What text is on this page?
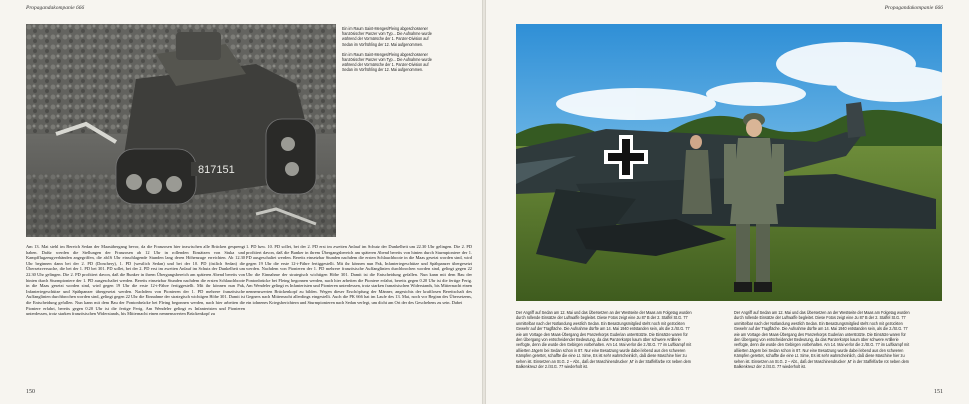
Propagandakompanie 666
817151

Ein im Raum Saint-Menges/Fleing abgeschossener französischer Panzer vom Typ... Die Aufnahme wurde während der Vormärsche der 1. Panzer-Division auf Sedan im Vorfrühling der 12. Mai aufgenommen.

Ein im Raum Saint-Menges/Fleing abgeschossener französischer Panzer vom Typ... Die Aufnahme wurde während der Vormärsche der 1. Panzer-Division auf Sedan im Vorfrühling der 12. Mai aufgenommen.

Am 13. Mai stehl im Bereich Sedan der Maasübergang bevor, da die Franzosen hier inzwischen alle Brücken gesprengt haben. Dafür werden die Stellungen der Franzosen ab 12 Uhr in rollenden Einsätzen von Stuka und Kampfflugzeugverbänden angegriffen, die ab16 Uhr einschlagende Stunden lang deren Höhenzuge erreichten. Ab 12.30 Uhr beginnen dann bei der 2. PD (Donchery), 1. PD (westlich Sedan) und bei der 10. PD (östlich Sedan) die Übersetzversuche, die bei der 1. PD bei 301. PD sollet, bei der 2. PD erst im zweiten Anlauf im Schutz der Dunkelheit um 22.30 Uhr gelingen. Die 2. PD profitiert davon, daß die Bunker in ihrem Übergangsbereich am späteren Abend bereits von hinten durch Sturmpioniere der 1. PD ausgeschaltet werden. Bereits einsetzbar Stunden nachdem die ersten Schlauchboote in die Maas gesetzt worden sind, wird gegen 19 Uhr die erste 12-t-Fähre fertiggestellt. Mit ihr können nun Pak, Infanteriegeschütze und Spähpanzer übergesetzt werden. Nachdem von Pionieren der 1. PD mehrere französische Auffanglinien durchbrochen worden sind, gelingt gegen 22 Uhr die Einnahme der strategisch wichtigen Höhe 301. Damit ist die Entscheidung gefallen. Nun kann mit dem Bau der Pontonbrücke bei Fleing begonnen werden, nach hier arbeiten die Pioniere erfahrt, bereits gegen 0.20 Uhr ist die fertige Ferig. Am Wendeler gelingt es Infanteristen und Pionieren unterdessen, trotz starken französischen Widerstands, bis Mitternacht einen nennenswerten Brückenkopf zu
1. PD bzw. 10. PD sollet, bei der 2. PD erst im zweiten Anlauf im Schutz der Dunkelheit um 22.30 Uhr gelingen. Die 2. PD profitiert davon, daß die Bunker in ihrem Übergangsbereich am späteren Abend bereits von hinten durch Sturmpioniere der 1. PD ausgeschaltet werden. Bereits einsetzbar Stunden nachdem die ersten Schlauchboote in die Maas gesetzt worden sind, wird gegen 19 Uhr die erste 12-t-Fähre fertiggestellt. Mit ihr können nun Pak, Infanteriegeschütze und Spähpanzer übergesetzt werden. Nachdem von Pionieren der 1. PD mehrere französische Auffanglinien durchbrochen worden sind, gelingt gegen 22 Uhr die Einnahme der strategisch wichtigen Höhe 301. Damit ist die Entscheidung gefallen. Nun kann mit dem Bau der Pontonbrücke bei Fleing begonnen werden, nach hier arbeiten die Pioniere erfahrt, bereits gegen 0.20 Uhr ist die fertige Ferig. Am Wendeler gelingt es Infanteristen und Pionieren unterdessen, trotz starken französischen Widerstands, bis Mitternacht einen nennenswerten Brückenkopf zu bilden. Wegen dieser Erschöpfung der Männer, angesichts der kraftlosen Bereitschaft des Gegners nach Mitternacht allerdings eingestellt. Auch die PK 666 hat im Laufe des 13. Mai, noch vor Beginn des Übersetzens, ein iohnenes Kriegsberichtern und Sturmpionieren nach Sedan verlegt, um dicht am Ort der des Geschehens zu sein. Dabei
150
Propagandakompanie 666
Der Angriff auf Sedan am 12. Mai und das Übersetzen an der Westseite der Maas am Folgetag wurden durch rollende Einsätze der Luftwaffe begleitet. Diese Fotos zeigt eine Ju 87 B der 2. Staffel St.G. 77 unmittelbar nach der Notlandung westlich Sedan. Ein Besatzungsmitglied steht noch mit gezückten Gewehr auf der Tragfläche. Die Aufnahme dürfte am 14. Mai 1940 entstanden sein, als die 2./St.G. 77 wie am Vortage den Maas-Übergang des Panzerkorps Guderian unterstützte. Die Einsätze waren für den Übergang von entscheidender Bedeutung, da das Panzerkorps kaum über schwere Artillerie verfügte, denn die wurde den Gebirgen vorbehalten. Am 14. Mai verlor die 2./St.G. 77 im Luftkampf mit alliierten Jägern bei Sedan schon in 87. Nur eine Besatzung wurde dabei lebend aus den schweren Kämpfen gerettet, schaffte die eine Lt. Sime, Es ist sehr wahrscheinlich, daß diese Maschine hier zu sehen ist. Einsetzen an St.G. 2 – Abt., daß der Maschinendrucker ‚M' in der Staffelfarbe rot neben dem Balkenkreuz der 2./St.G. 77 wiederholt ist.
Der Angriff auf Sedan am 12. Mai und das Übersetzen an der Westseite der Maas am Folgetag wurden durch rollende Einsätze der Luftwaffe begleitet. Diese Fotos zeigt eine Ju 87 B der 2. Staffel St.G. 77 unmittelbar nach der Notlandung westlich Sedan. Ein Besatzungsmitglied steht noch mit gezückten Gewehr auf der Tragfläche. Die Aufnahme dürfte am 14. Mai 1940 entstanden sein, als die 2./St.G. 77 wie am Vortage den Maas-Übergang des Panzerkorps Guderian unterstützte. Die Einsätze waren für den Übergang von entscheidender Bedeutung, da das Panzerkorps kaum über schwere Artillerie verfügte, denn die wurde den Gebirgen vorbehalten. Am 14. Mai verlor die 2./St.G. 77 im Luftkampf mit alliierten Jägern bei Sedan schon in 87. Nur eine Besatzung wurde dabei lebend aus den schweren Kämpfen gerettet, schaffte die eine Lt. Sime, Es ist sehr wahrscheinlich, daß diese Maschine hier zu sehen ist. Einsetzen an St.G. 2 – Abt., daß der Maschinendrucker ‚M' in der Staffelfarbe rot neben dem Balkenkreuz der 2./St.G. 77 wiederholt ist.
151
